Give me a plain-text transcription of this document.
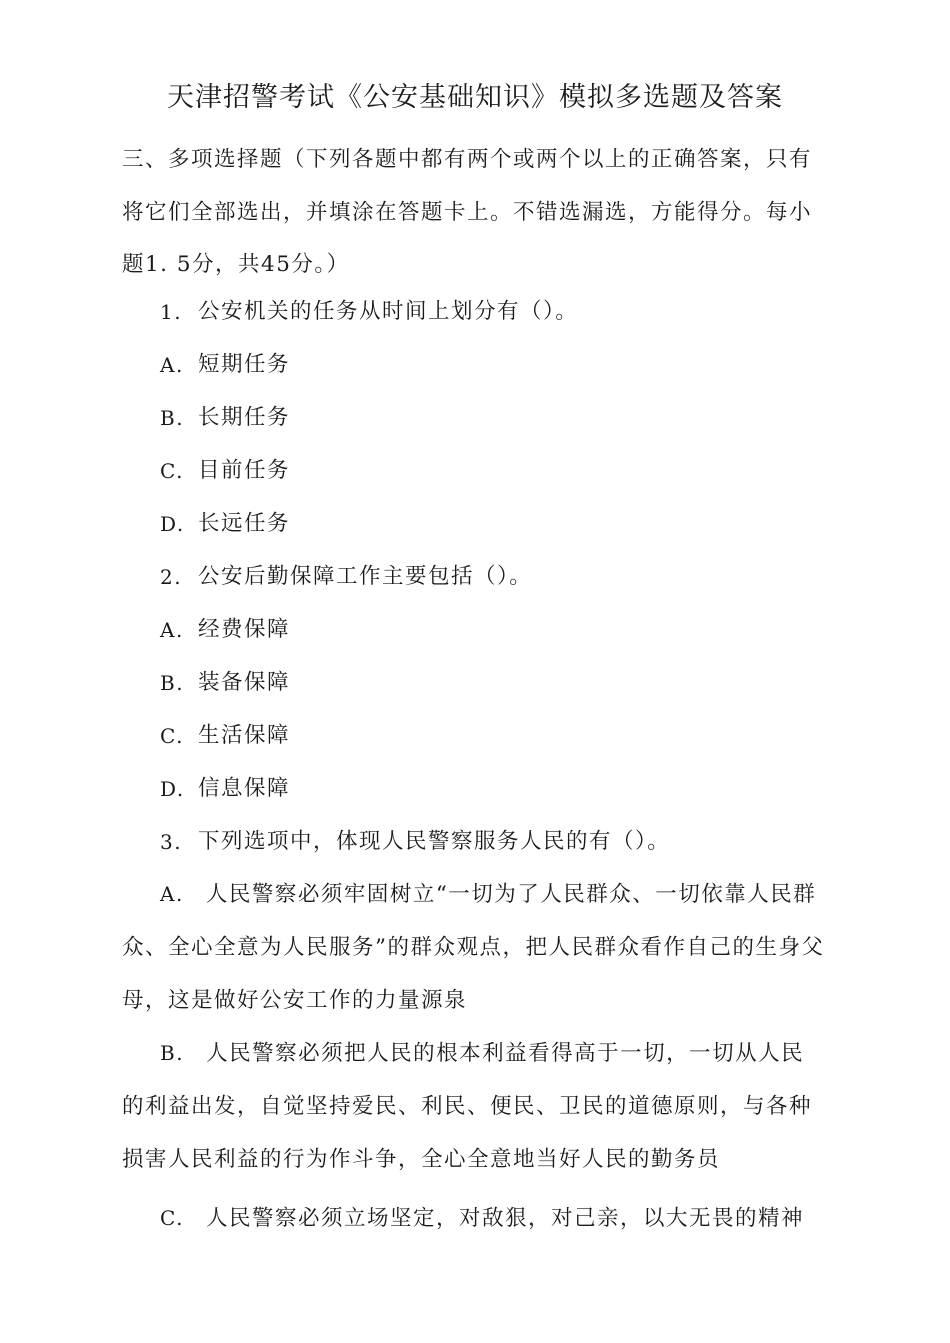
天津招警考试《公安基础知识》模拟多选题及答案
三、多项选择题（下列各题中都有两个或两个以上的正确答案，只有将它们全部选出，并填涂在答题卡上。不错选漏选，方能得分。每小题1. 5分，共45分。）
1. 公安机关的任务从时间上划分有（）。
A. 短期任务
B. 长期任务
C. 目前任务
D. 长远任务
2. 公安后勤保障工作主要包括（）。
A. 经费保障
B. 装备保障
C. 生活保障
D. 信息保障
3. 下列选项中，体现人民警察服务人民的有（）。
A. 人民警察必须牢固树立“一切为了人民群众、一切依靠人民群众、全心全意为人民服务”的群众观点，把人民群众看作自己的生身父母，这是做好公安工作的力量源泉
B. 人民警察必须把人民的根本利益看得高于一切，一切从人民 的利益出发，自觉坚持爱民、利民、便民、卫民的道德原则，与各种 损害人民利益的行为作斗争，全心全意地当好人民的勤务员
C. 人民警察必须立场坚定，对敌狠，对己亲，以大无畏的精神
